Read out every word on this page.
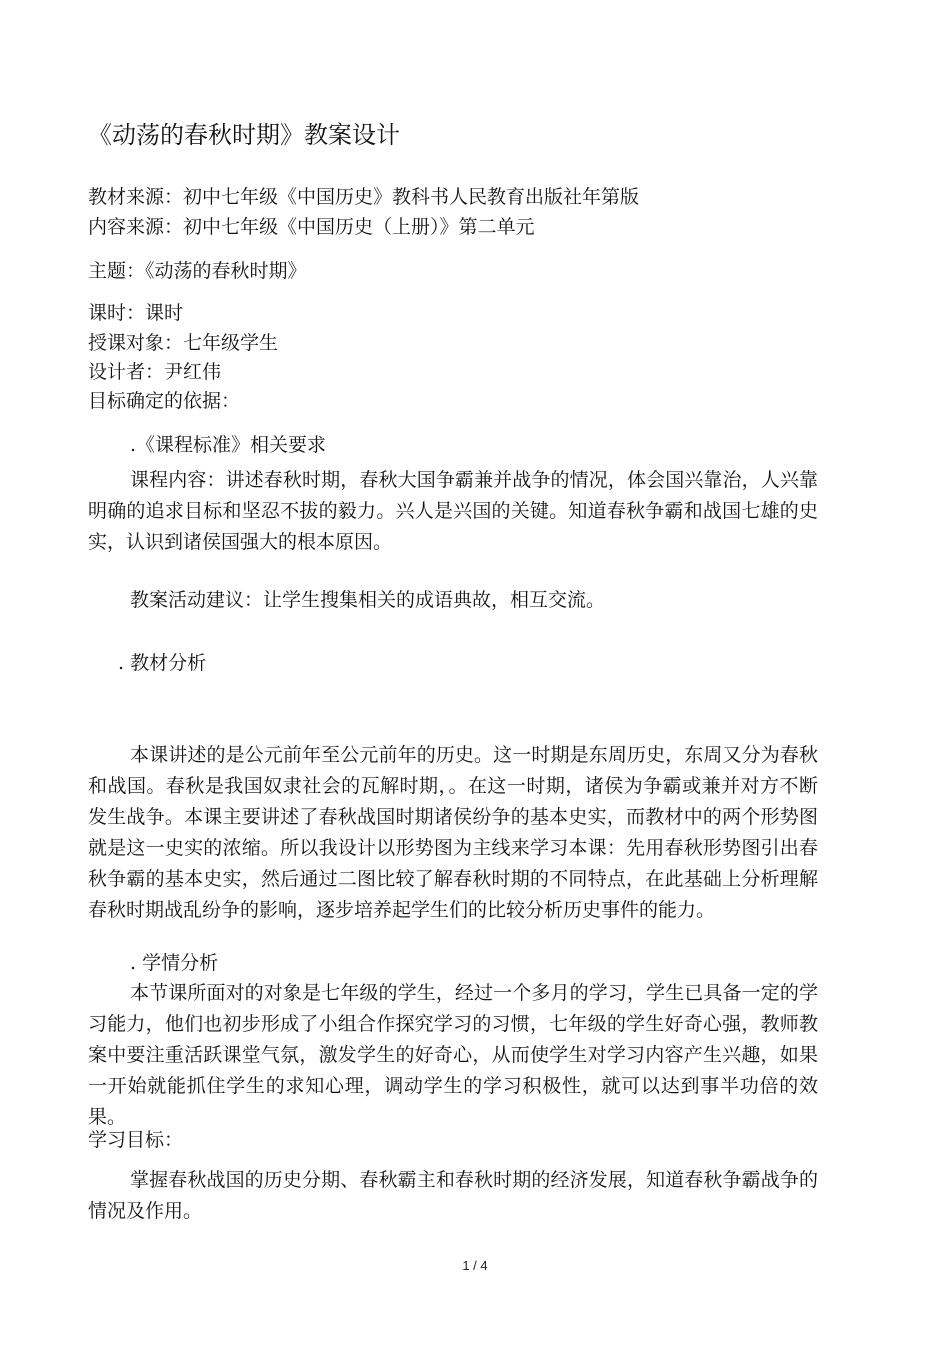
《动荡的春秋时期》教案设计
教材来源：初中七年级《中国历史》教科书人民教育出版社年第版
内容来源：初中七年级《中国历史（上册）》第二单元
主题：《动荡的春秋时期》
课时：课时
授课对象：七年级学生
设计者：尹红伟
目标确定的依据：
.《课程标准》相关要求
课程内容：讲述春秋时期，春秋大国争霸兼并战争的情况，体会国兴靠治，人兴靠明确的追求目标和坚忍不拔的毅力。兴人是兴国的关键。知道春秋争霸和战国七雄的史实，认识到诸侯国强大的根本原因。
教案活动建议：让学生搜集相关的成语典故，相互交流。
. 教材分析
本课讲述的是公元前年至公元前年的历史。这一时期是东周历史，东周又分为春秋和战国。春秋是我国奴隶社会的瓦解时期，。在这一时期，诸侯为争霸或兼并对方不断发生战争。本课主要讲述了春秋战国时期诸侯纷争的基本史实，而教材中的两个形势图就是这一史实的浓缩。所以我设计以形势图为主线来学习本课：先用春秋形势图引出春秋争霸的基本史实，然后通过二图比较了解春秋时期的不同特点，在此基础上分析理解春秋时期战乱纷争的影响，逐步培养起学生们的比较分析历史事件的能力。
. 学情分析
本节课所面对的对象是七年级的学生，经过一个多月的学习，学生已具备一定的学习能力，他们也初步形成了小组合作探究学习的习惯，七年级的学生好奇心强，教师教案中要注重活跃课堂气氛，激发学生的好奇心，从而使学生对学习内容产生兴趣，如果一开始就能抓住学生的求知心理，调动学生的学习积极性，就可以达到事半功倍的效果。
学习目标：
掌握春秋战国的历史分期、春秋霸主和春秋时期的经济发展，知道春秋争霸战争的情况及作用。
1 / 4
